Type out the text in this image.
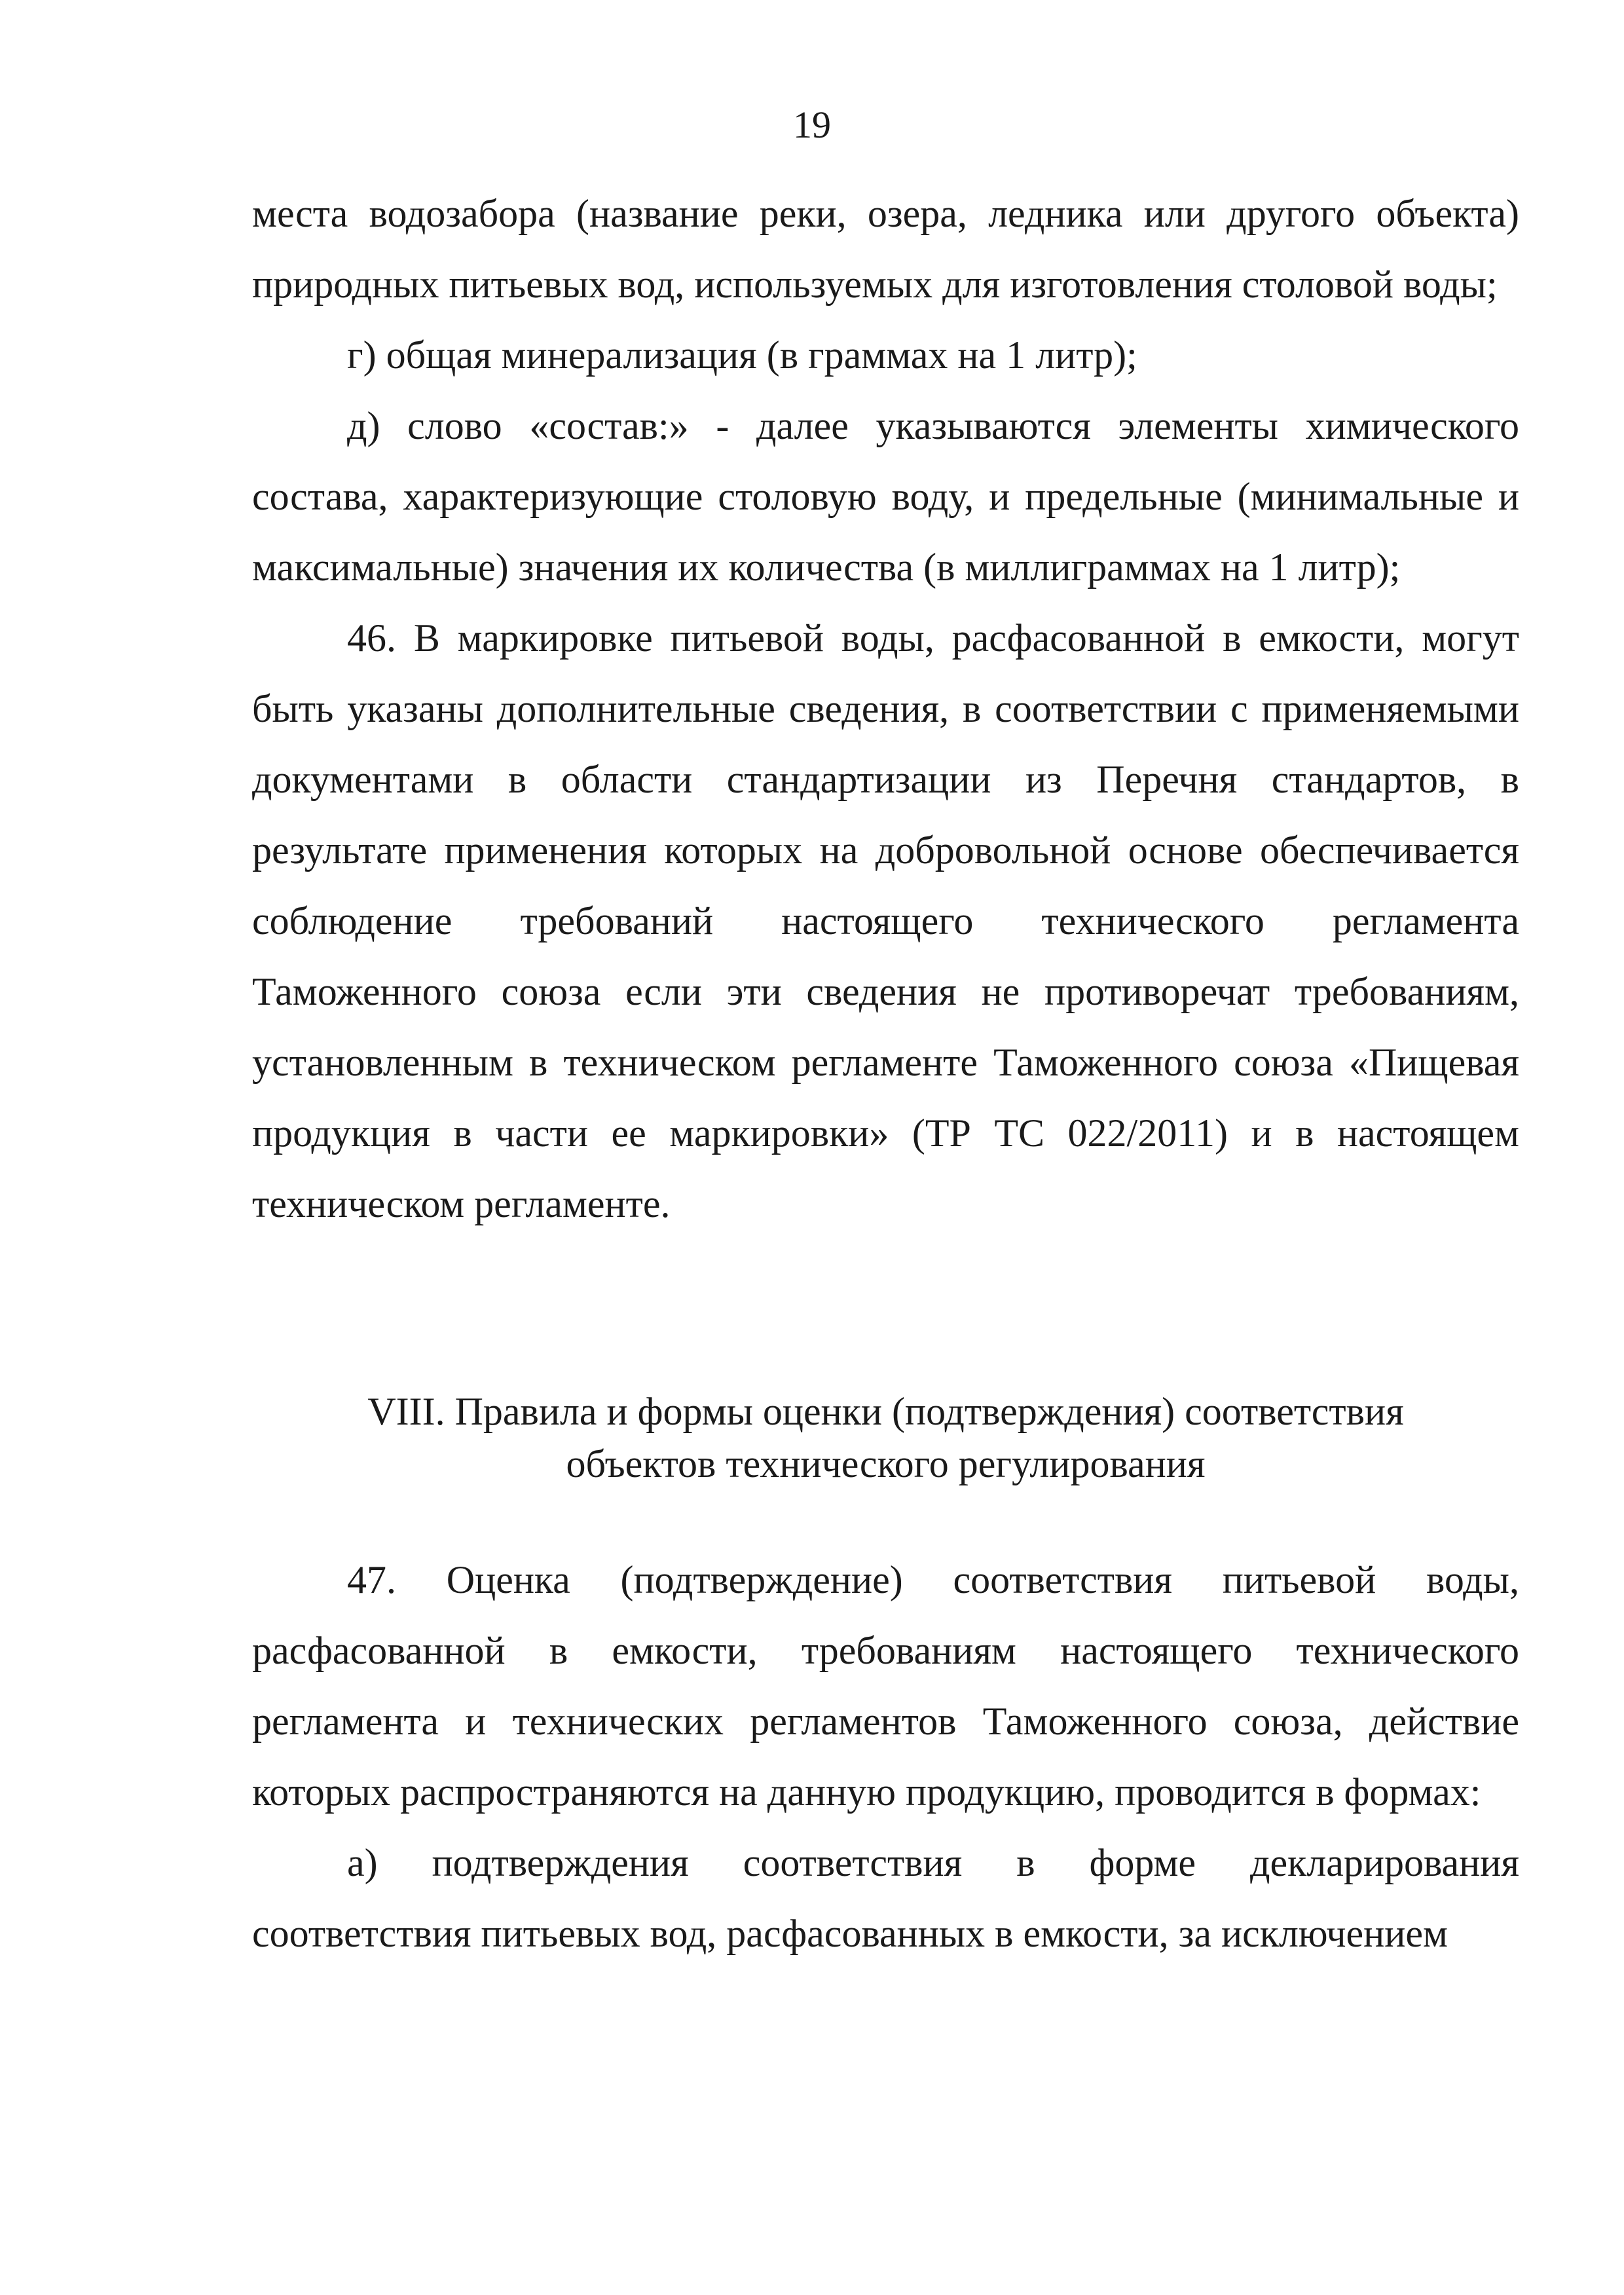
19

места водозабора (название реки, озера, ледника или другого объекта) природных питьевых вод, используемых для изготовления столовой воды;

г) общая минерализация (в граммах на 1 литр);

д) слово «состав:» - далее указываются элементы химического состава, характеризующие столовую воду, и предельные (минимальные и максимальные) значения их количества (в миллиграммах на 1 литр);

46. В маркировке питьевой воды, расфасованной в емкости, могут быть указаны дополнительные сведения, в соответствии с применяемыми документами в области стандартизации из Перечня стандартов, в результате применения которых на добровольной основе обеспечивается соблюдение требований настоящего технического регламента Таможенного союза если эти сведения не противоречат требованиям, установленным в техническом регламенте Таможенного союза «Пищевая продукция в части ее маркировки» (ТР ТС 022/2011) и в настоящем техническом регламенте.

VIII. Правила и формы оценки (подтверждения) соответствия
объектов технического регулирования

47. Оценка (подтверждение) соответствия питьевой воды, расфасованной в емкости, требованиям настоящего технического регламента и технических регламентов Таможенного союза, действие которых распространяются на данную продукцию, проводится в формах:

а) подтверждения соответствия в форме декларирования соответствия питьевых вод, расфасованных в емкости, за исключением
